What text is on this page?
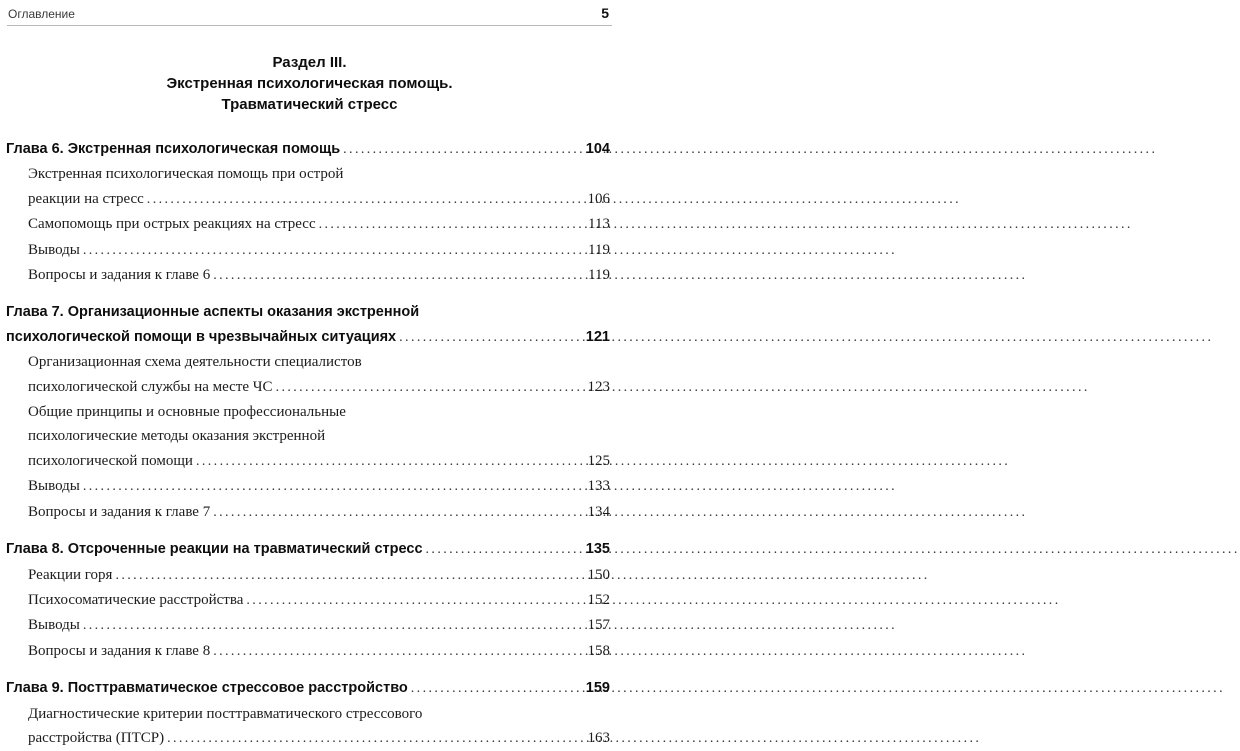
Оглавление	5
Раздел III.
Экстренная психологическая помощь.
Травматический стресс
Глава 6. Экстренная психологическая помощь .....	104
Экстренная психологическая помощь при острой
реакции на стресс .....	106
Самопомощь при острых реакциях на стресс .....	113
Выводы .....	119
Вопросы и задания к главе 6 .....	119
Глава 7. Организационные аспекты оказания экстренной
психологической помощи в чрезвычайных ситуациях .....	121
Организационная схема деятельности специалистов
психологической службы на месте ЧС .....	123
Общие принципы и основные профессиональные
психологические методы оказания экстренной
психологической помощи .....	125
Выводы .....	133
Вопросы и задания к главе 7 .....	134
Глава 8. Отсроченные реакции на травматический стресс .....	135
Реакции горя .....	150
Психосоматические расстройства .....	152
Выводы .....	157
Вопросы и задания к главе 8 .....	158
Глава 9. Посттравматическое стрессовое расстройство .....	159
Диагностические критерии посттравматического стрессового
расстройства (ПТСР) .....	163
